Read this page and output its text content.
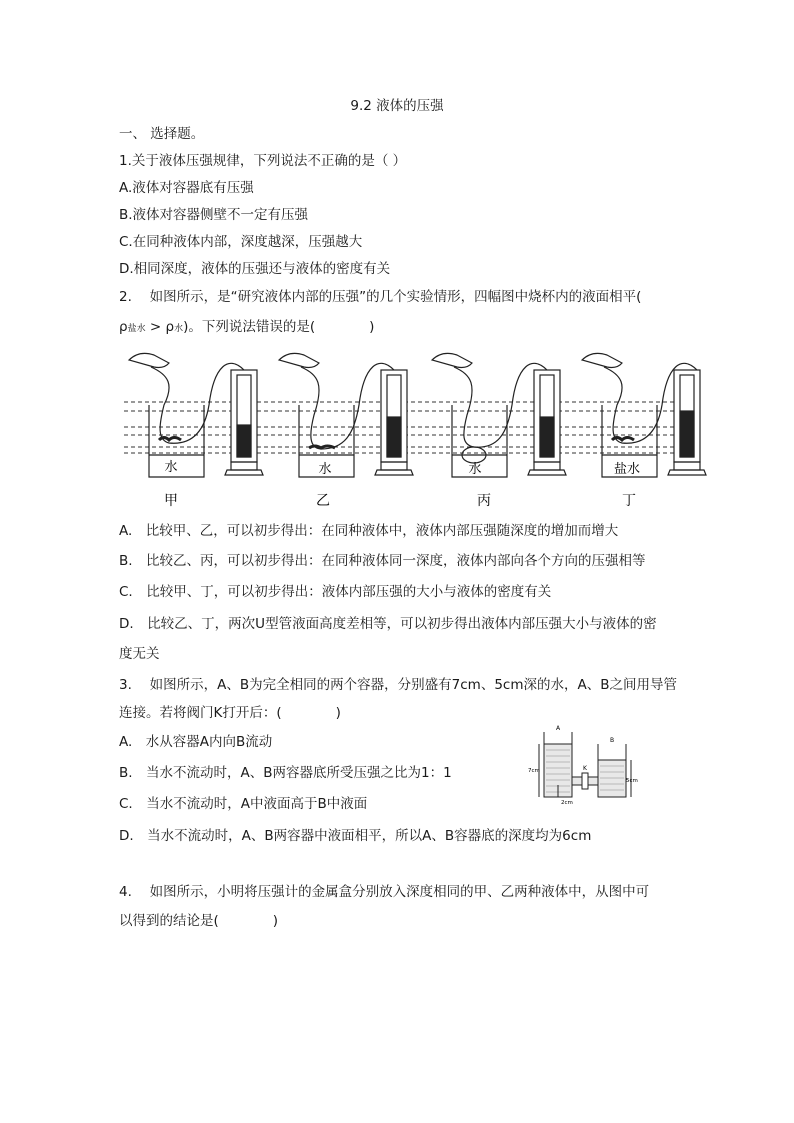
9.2 液体的压强
一、 选择题。
1.关于液体压强规律，下列说法不正确的是（ ）
A.液体对容器底有压强
B.液体对容器侧壁不一定有压强
C.在同种液体内部，深度越深，压强越大
D.相同深度，液体的压强还与液体的密度有关
2.　 如图所示，是“研究液体内部的压强”的几个实验情形，四幅图中烧杯内的液面相平(
ρ盐水 > ρ水)。下列说法错误的是(　　　　)
水	水	水	盐水
甲	乙	丙	丁
A.　比较甲、乙，可以初步得出：在同种液体中，液体内部压强随深度的增加而增大
B.　比较乙、丙，可以初步得出：在同种液体同一深度，液体内部向各个方向的压强相等
C.　比较甲、丁，可以初步得出：液体内部压强的大小与液体的密度有关
D.　比较乙、丁，两次U型管液面高度差相等，可以初步得出液体内部压强大小与液体的密
度无关
3.　 如图所示，A、B为完全相同的两个容器，分别盛有7cm、5cm深的水，A、B之间用导管
连接。若将阀门K打开后：(　　　　)
A.　水从容器A内向B流动
B.　当水不流动时，A、B两容器底所受压强之比为1：1
C.　当水不流动时，A中液面高于B中液面
D.　当水不流动时，A、B两容器中液面相平，所以A、B容器底的深度均为6cm
A
B
K
7cm
5cm
2cm
4.　 如图所示，小明将压强计的金属盒分别放入深度相同的甲、乙两种液体中，从图中可
以得到的结论是(　　　　)
